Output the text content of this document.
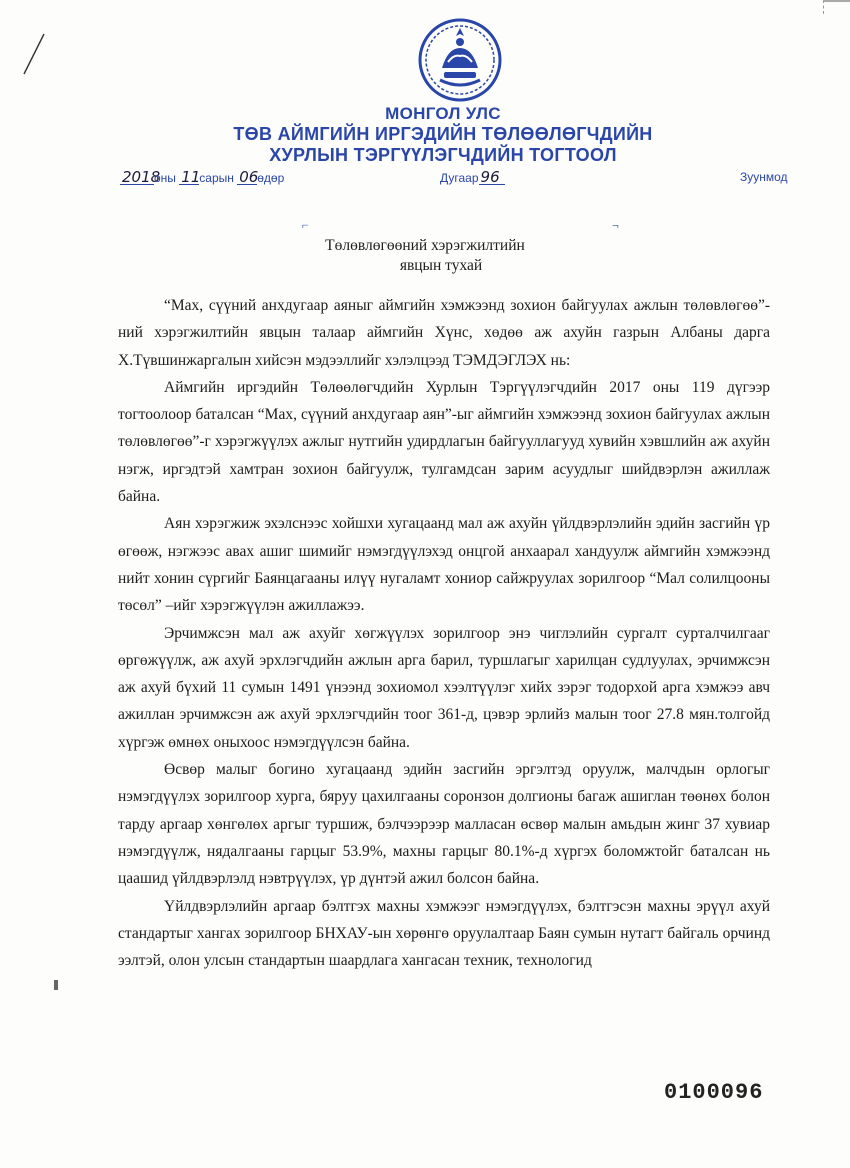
МОНГОЛ УЛС
ТӨВ АЙМГИЙН ИРГЭДИЙН ТӨЛӨӨЛӨГЧДИЙН
ХУРЛЫН ТЭРГҮҮЛЭГЧДИЙН ТОГТООЛ
2018оны 11сарын 06өдөр	Дугаар 96	Зуунмод
⌐	¬
Төлөвлөгөөний хэрэгжилтийн
явцын тухай

“Мах, сүүний анхдугаар аяныг аймгийн хэмжээнд зохион байгуулах ажлын төлөвлөгөө”-ний хэрэгжилтийн явцын талаар аймгийн Хүнс, хөдөө аж ахуйн газрын Албаны дарга Х.Түвшинжаргалын хийсэн мэдээллийг хэлэлцээд ТЭМДЭГЛЭХ нь:

Аймгийн иргэдийн Төлөөлөгчдийн Хурлын Тэргүүлэгчдийн 2017 оны 119 дүгээр тогтоолоор баталсан “Мах, сүүний анхдугаар аян”-ыг аймгийн хэмжээнд зохион байгуулах ажлын төлөвлөгөө”-г хэрэгжүүлэх ажлыг нутгийн удирдлагын байгууллагууд хувийн хэвшлийн аж ахуйн нэгж, иргэдтэй хамтран зохион байгуулж, тулгамдсан зарим асуудлыг шийдвэрлэн ажиллаж байна.

Аян хэрэгжиж эхэлснээс хойшхи хугацаанд мал аж ахуйн үйлдвэрлэлийн эдийн засгийн үр өгөөж, нэгжээс авах ашиг шимийг нэмэгдүүлэхэд онцгой анхаарал хандуулж аймгийн хэмжээнд нийт хонин сүргийг Баянцагааны илүү нугаламт хониор сайжруулах зорилгоор “Мал солилцооны төсөл” –ийг хэрэгжүүлэн ажиллажээ.

Эрчимжсэн мал аж ахуйг хөгжүүлэх зорилгоор энэ чиглэлийн сургалт сурталчилгааг өргөжүүлж, аж ахуй эрхлэгчдийн ажлын арга барил, туршлагыг харилцан судлуулах, эрчимжсэн аж ахуй бүхий 11 сумын 1491 үнээнд зохиомол хээлтүүлэг хийх зэрэг тодорхой арга хэмжээ авч ажиллан эрчимжсэн аж ахуй эрхлэгчдийн тоог 361-д, цэвэр эрлийз малын тоог 27.8 мян.толгойд хүргэж өмнөх оныхоос нэмэгдүүлсэн байна.

Өсвөр малыг богино хугацаанд эдийн засгийн эргэлтэд оруулж, малчдын орлогыг нэмэгдүүлэх зорилгоор хурга, бяруу цахилгааны соронзон долгионы багаж ашиглан төөнөх болон тарду аргаар хөнгөлөх аргыг туршиж, бэлчээрээр малласан өсвөр малын амьдын жинг 37 хувиар нэмэгдүүлж, нядалгааны гарцыг 53.9%, махны гарцыг 80.1%-д хүргэх боломжтойг баталсан нь цаашид үйлдвэрлэлд нэвтрүүлэх, үр дүнтэй ажил болсон байна.

Үйлдвэрлэлийн аргаар бэлтгэх махны хэмжээг нэмэгдүүлэх, бэлтгэсэн махны эрүүл ахуй стандартыг хангах зорилгоор БНХАУ-ын хөрөнгө оруулалтаар Баян сумын нутагт байгаль орчинд ээлтэй, олон улсын стандартын шаардлага хангасан техник, технологид

0100096
